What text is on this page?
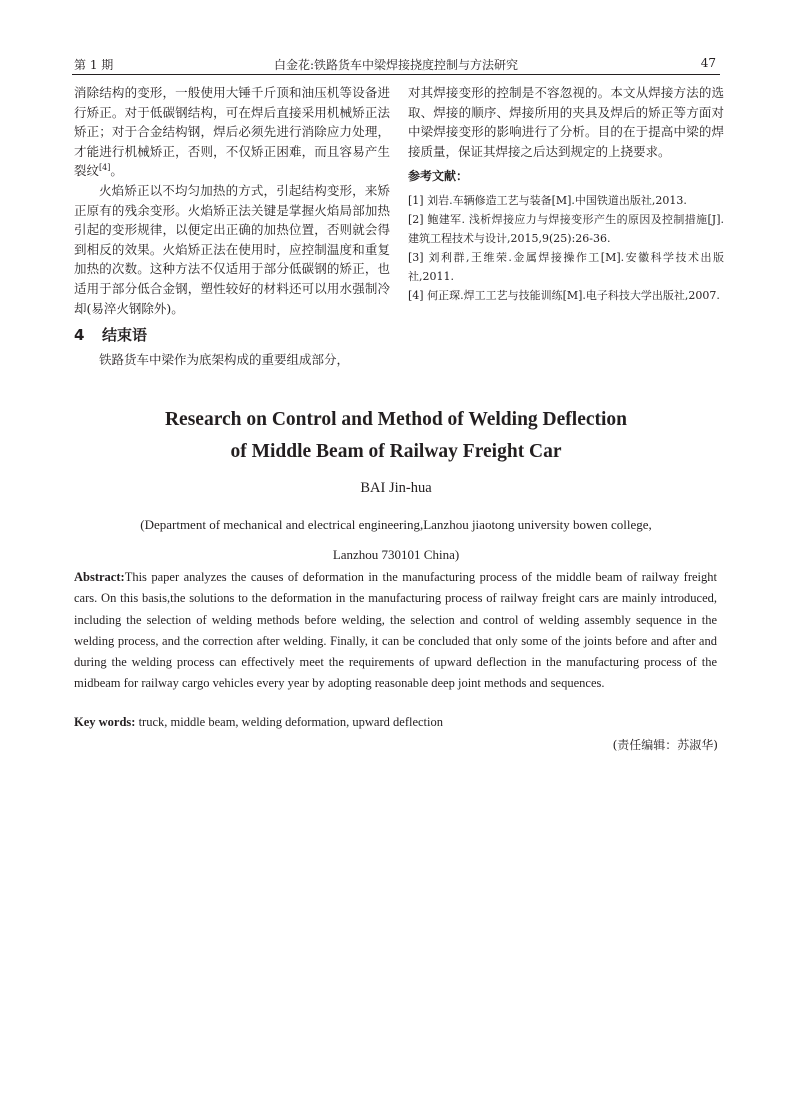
第 1 期	白金花:铁路货车中梁焊接挠度控制与方法研究	47

消除结构的变形，一般使用大锤千斤顶和油压机等设备进行矫正。对于低碳钢结构，可在焊后直接采用机械矫正法矫正；对于合金结构钢，焊后必须先进行消除应力处理，才能进行机械矫正，否则，不仅矫正困难，而且容易产生裂纹[4]。

火焰矫正以不均匀加热的方式，引起结构变形，来矫正原有的残余变形。火焰矫正法关键是掌握火焰局部加热引起的变形规律，以便定出正确的加热位置，否则就会得到相反的效果。火焰矫正法在使用时，应控制温度和重复加热的次数。这种方法不仅适用于部分低碳钢的矫正，也适用于部分低合金钢，塑性较好的材料还可以用水强制冷却(易淬火钢除外)。

4 结束语

铁路货车中梁作为底架构成的重要组成部分，

对其焊接变形的控制是不容忽视的。本文从焊接方法的选取、焊接的顺序、焊接所用的夹具及焊后的矫正等方面对中梁焊接变形的影响进行了分析。目的在于提高中梁的焊接质量，保证其焊接之后达到规定的上挠要求。

参考文献：
[1] 刘岩.车辆修造工艺与装备[M].中国铁道出版社,2013.
[2] 鲍建军. 浅析焊接应力与焊接变形产生的原因及控制措施[J].建筑工程技术与设计,2015,9(25):26-36.
[3] 刘利群,王维荣.金属焊接操作工[M].安徽科学技术出版社,2011.
[4] 何正琛.焊工工艺与技能训练[M].电子科技大学出版社,2007.
Research on Control and Method of Welding Deflection
of Middle Beam of Railway Freight Car
BAI Jin-hua
(Department of mechanical and electrical engineering,Lanzhou jiaotong university bowen college,
Lanzhou 730101 China)

Abstract:This paper analyzes the causes of deformation in the manufacturing process of the middle beam of railway freight cars. On this basis,the solutions to the deformation in the manufacturing process of railway freight cars are mainly introduced, including the selection of welding methods before welding, the selection and control of welding assembly sequence in the welding process, and the correction after welding. Finally, it can be concluded that only some of the joints before and after and during the welding process can effectively meet the requirements of upward deflection in the manufacturing process of the midbeam for railway cargo vehicles every year by adopting reasonable deep joint methods and sequences.

Key words: truck, middle beam, welding deformation, upward deflection

(责任编辑：苏淑华)
